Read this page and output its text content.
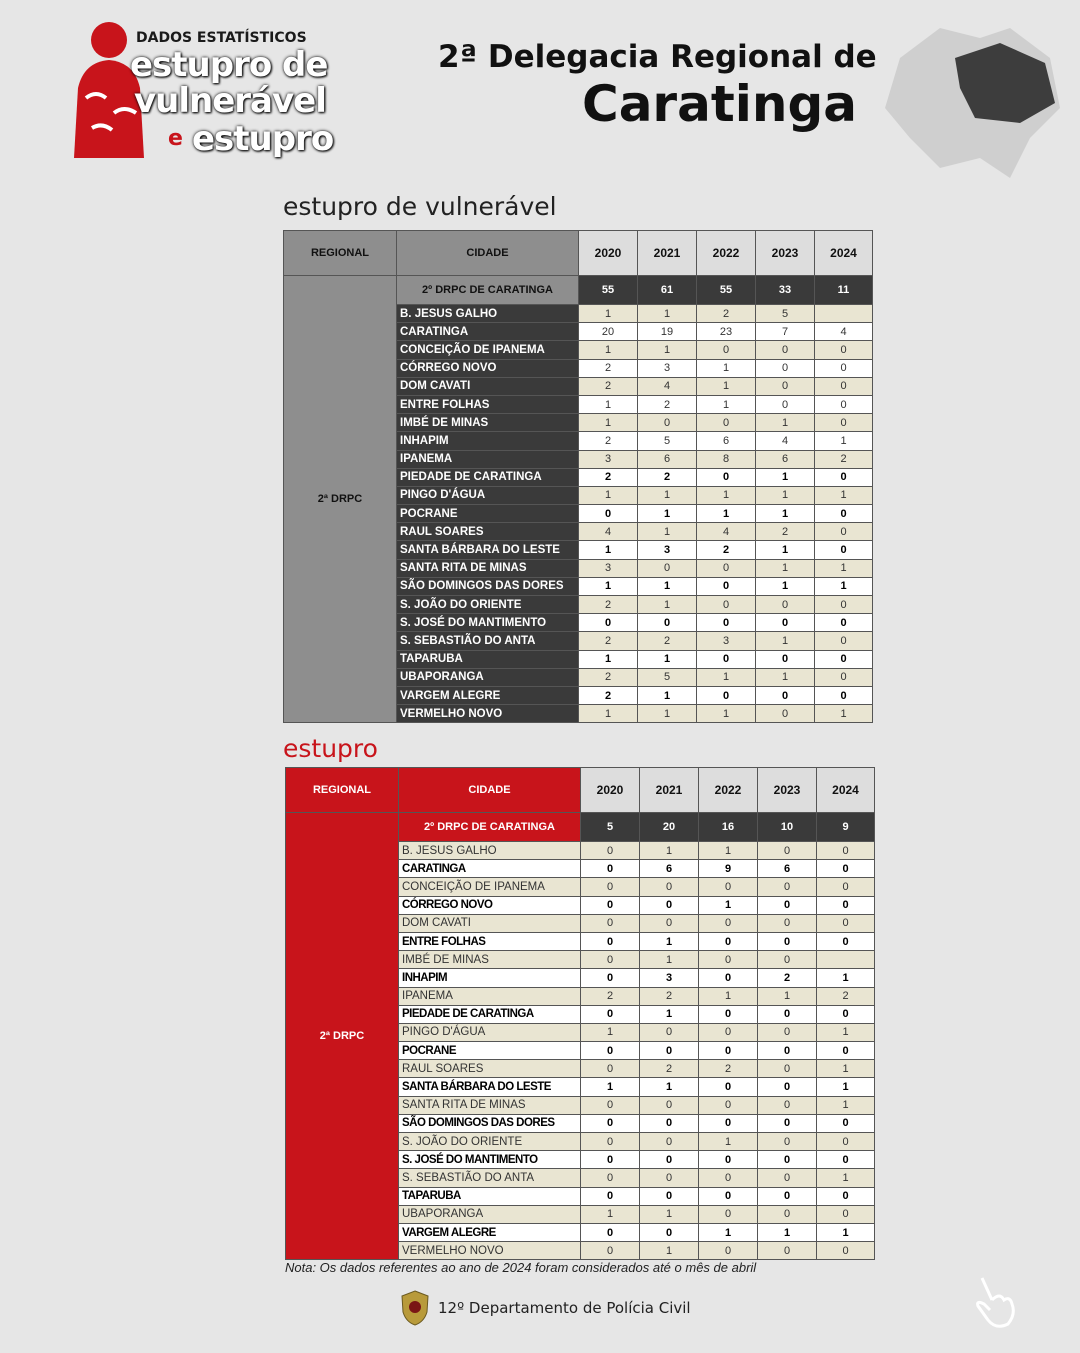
DADOS ESTATÍSTICOS
estupro de
vulnerável
e estupro
2ª Delegacia Regional de
Caratinga
estupro de vulnerável
REGIONAL	CIDADE	2020	2021	2022	2023	2024
2ª DRPC	2º DRPC DE CARATINGA	55	61	55	33	11
	B. JESUS GALHO	1	1	2	5	
	CARATINGA	20	19	23	7	4
	CONCEIÇÃO DE IPANEMA	1	1	0	0	0
	CÓRREGO NOVO	2	3	1	0	0
	DOM CAVATI	2	4	1	0	0
	ENTRE FOLHAS	1	2	1	0	0
	IMBÉ DE MINAS	1	0	0	1	0
	INHAPIM	2	5	6	4	1
	IPANEMA	3	6	8	6	2
	PIEDADE DE CARATINGA	2	2	0	1	0
	PINGO D'ÁGUA	1	1	1	1	1
	POCRANE	0	1	1	1	0
	RAUL SOARES	4	1	4	2	0
	SANTA BÁRBARA DO LESTE	1	3	2	1	0
	SANTA RITA DE MINAS	3	0	0	1	1
	SÃO DOMINGOS DAS DORES	1	1	0	1	1
	S. JOÃO DO ORIENTE	2	1	0	0	0
	S. JOSÉ DO MANTIMENTO	0	0	0	0	0
	S. SEBASTIÃO DO ANTA	2	2	3	1	0
	TAPARUBA	1	1	0	0	0
	UBAPORANGA	2	5	1	1	0
	VARGEM ALEGRE	2	1	0	0	0
	VERMELHO NOVO	1	1	1	0	1
estupro
REGIONAL	CIDADE	2020	2021	2022	2023	2024
2ª DRPC	2º DRPC DE CARATINGA	5	20	16	10	9
	B. JESUS GALHO	0	1	1	0	0
	CARATINGA	0	6	9	6	0
	CONCEIÇÃO DE IPANEMA	0	0	0	0	0
	CÓRREGO NOVO	0	0	1	0	0
	DOM CAVATI	0	0	0	0	0
	ENTRE FOLHAS	0	1	0	0	0
	IMBÉ DE MINAS	0	1	0	0	
	INHAPIM	0	3	0	2	1
	IPANEMA	2	2	1	1	2
	PIEDADE DE CARATINGA	0	1	0	0	0
	PINGO D'ÁGUA	1	0	0	0	1
	POCRANE	0	0	0	0	0
	RAUL SOARES	0	2	2	0	1
	SANTA BÁRBARA DO LESTE	1	1	0	0	1
	SANTA RITA DE MINAS	0	0	0	0	1
	SÃO DOMINGOS DAS DORES	0	0	0	0	0
	S. JOÃO DO ORIENTE	0	0	1	0	0
	S. JOSÉ DO MANTIMENTO	0	0	0	0	0
	S. SEBASTIÃO DO ANTA	0	0	0	0	1
	TAPARUBA	0	0	0	0	0
	UBAPORANGA	1	1	0	0	0
	VARGEM ALEGRE	0	0	1	1	1
	VERMELHO NOVO	0	1	0	0	0
Nota: Os dados referentes ao ano de 2024 foram considerados até o mês de abril
12º Departamento de Polícia Civil
